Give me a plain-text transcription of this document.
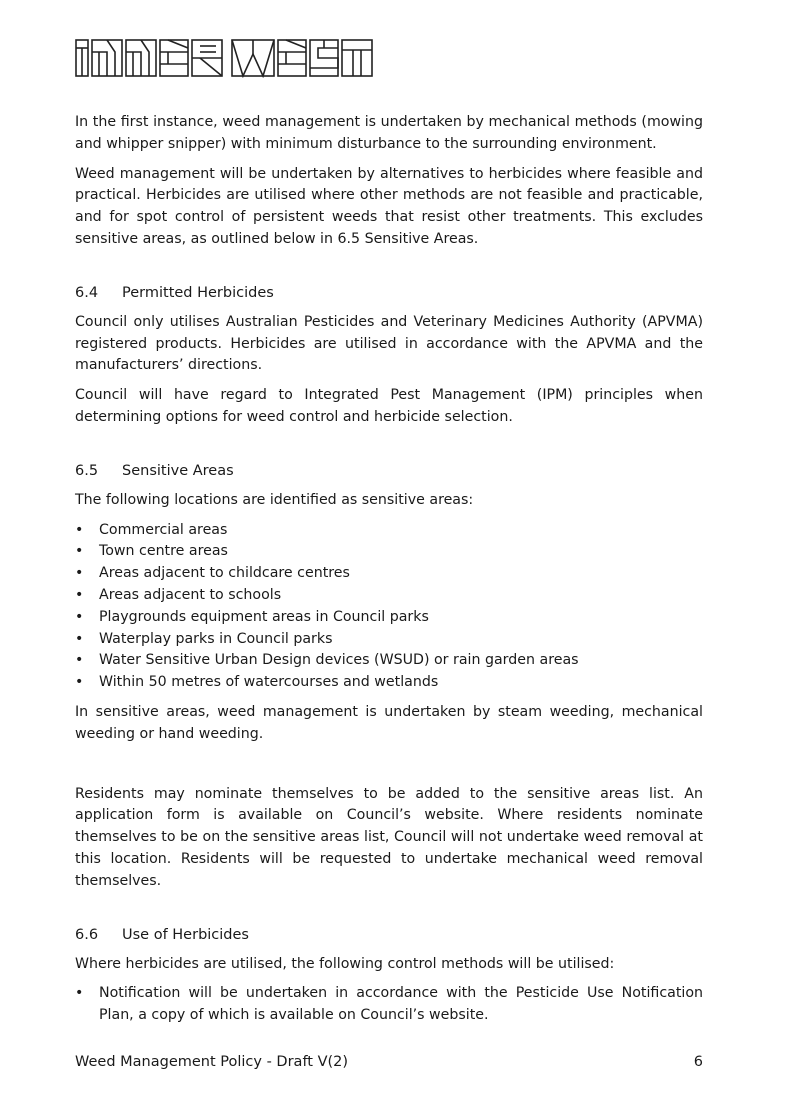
In the first instance, weed management is undertaken by mechanical methods (mowing and whipper snipper) with minimum disturbance to the surrounding environment.

Weed management will be undertaken by alternatives to herbicides where feasible and practical. Herbicides are utilised where other methods are not feasible and practicable, and for spot control of persistent weeds that resist other treatments. This excludes sensitive areas, as outlined below in 6.5 Sensitive Areas.

6.4	Permitted Herbicides

Council only utilises Australian Pesticides and Veterinary Medicines Authority (APVMA) registered products. Herbicides are utilised in accordance with the APVMA and the manufacturers’ directions.

Council will have regard to Integrated Pest Management (IPM) principles when determining options for weed control and herbicide selection.

6.5	Sensitive Areas

The following locations are identified as sensitive areas:

• Commercial areas
• Town centre areas
• Areas adjacent to childcare centres
• Areas adjacent to schools
• Playgrounds equipment areas in Council parks
• Waterplay parks in Council parks
• Water Sensitive Urban Design devices (WSUD) or rain garden areas
• Within 50 metres of watercourses and wetlands

In sensitive areas, weed management is undertaken by steam weeding, mechanical weeding or hand weeding.

Residents may nominate themselves to be added to the sensitive areas list. An application form is available on Council’s website. Where residents nominate themselves to be on the sensitive areas list, Council will not undertake weed removal at this location. Residents will be requested to undertake mechanical weed removal themselves.

6.6	Use of Herbicides

Where herbicides are utilised, the following control methods will be utilised:

• Notification will be undertaken in accordance with the Pesticide Use Notification Plan, a copy of which is available on Council’s website.
Weed Management Policy - Draft V(2)	6
